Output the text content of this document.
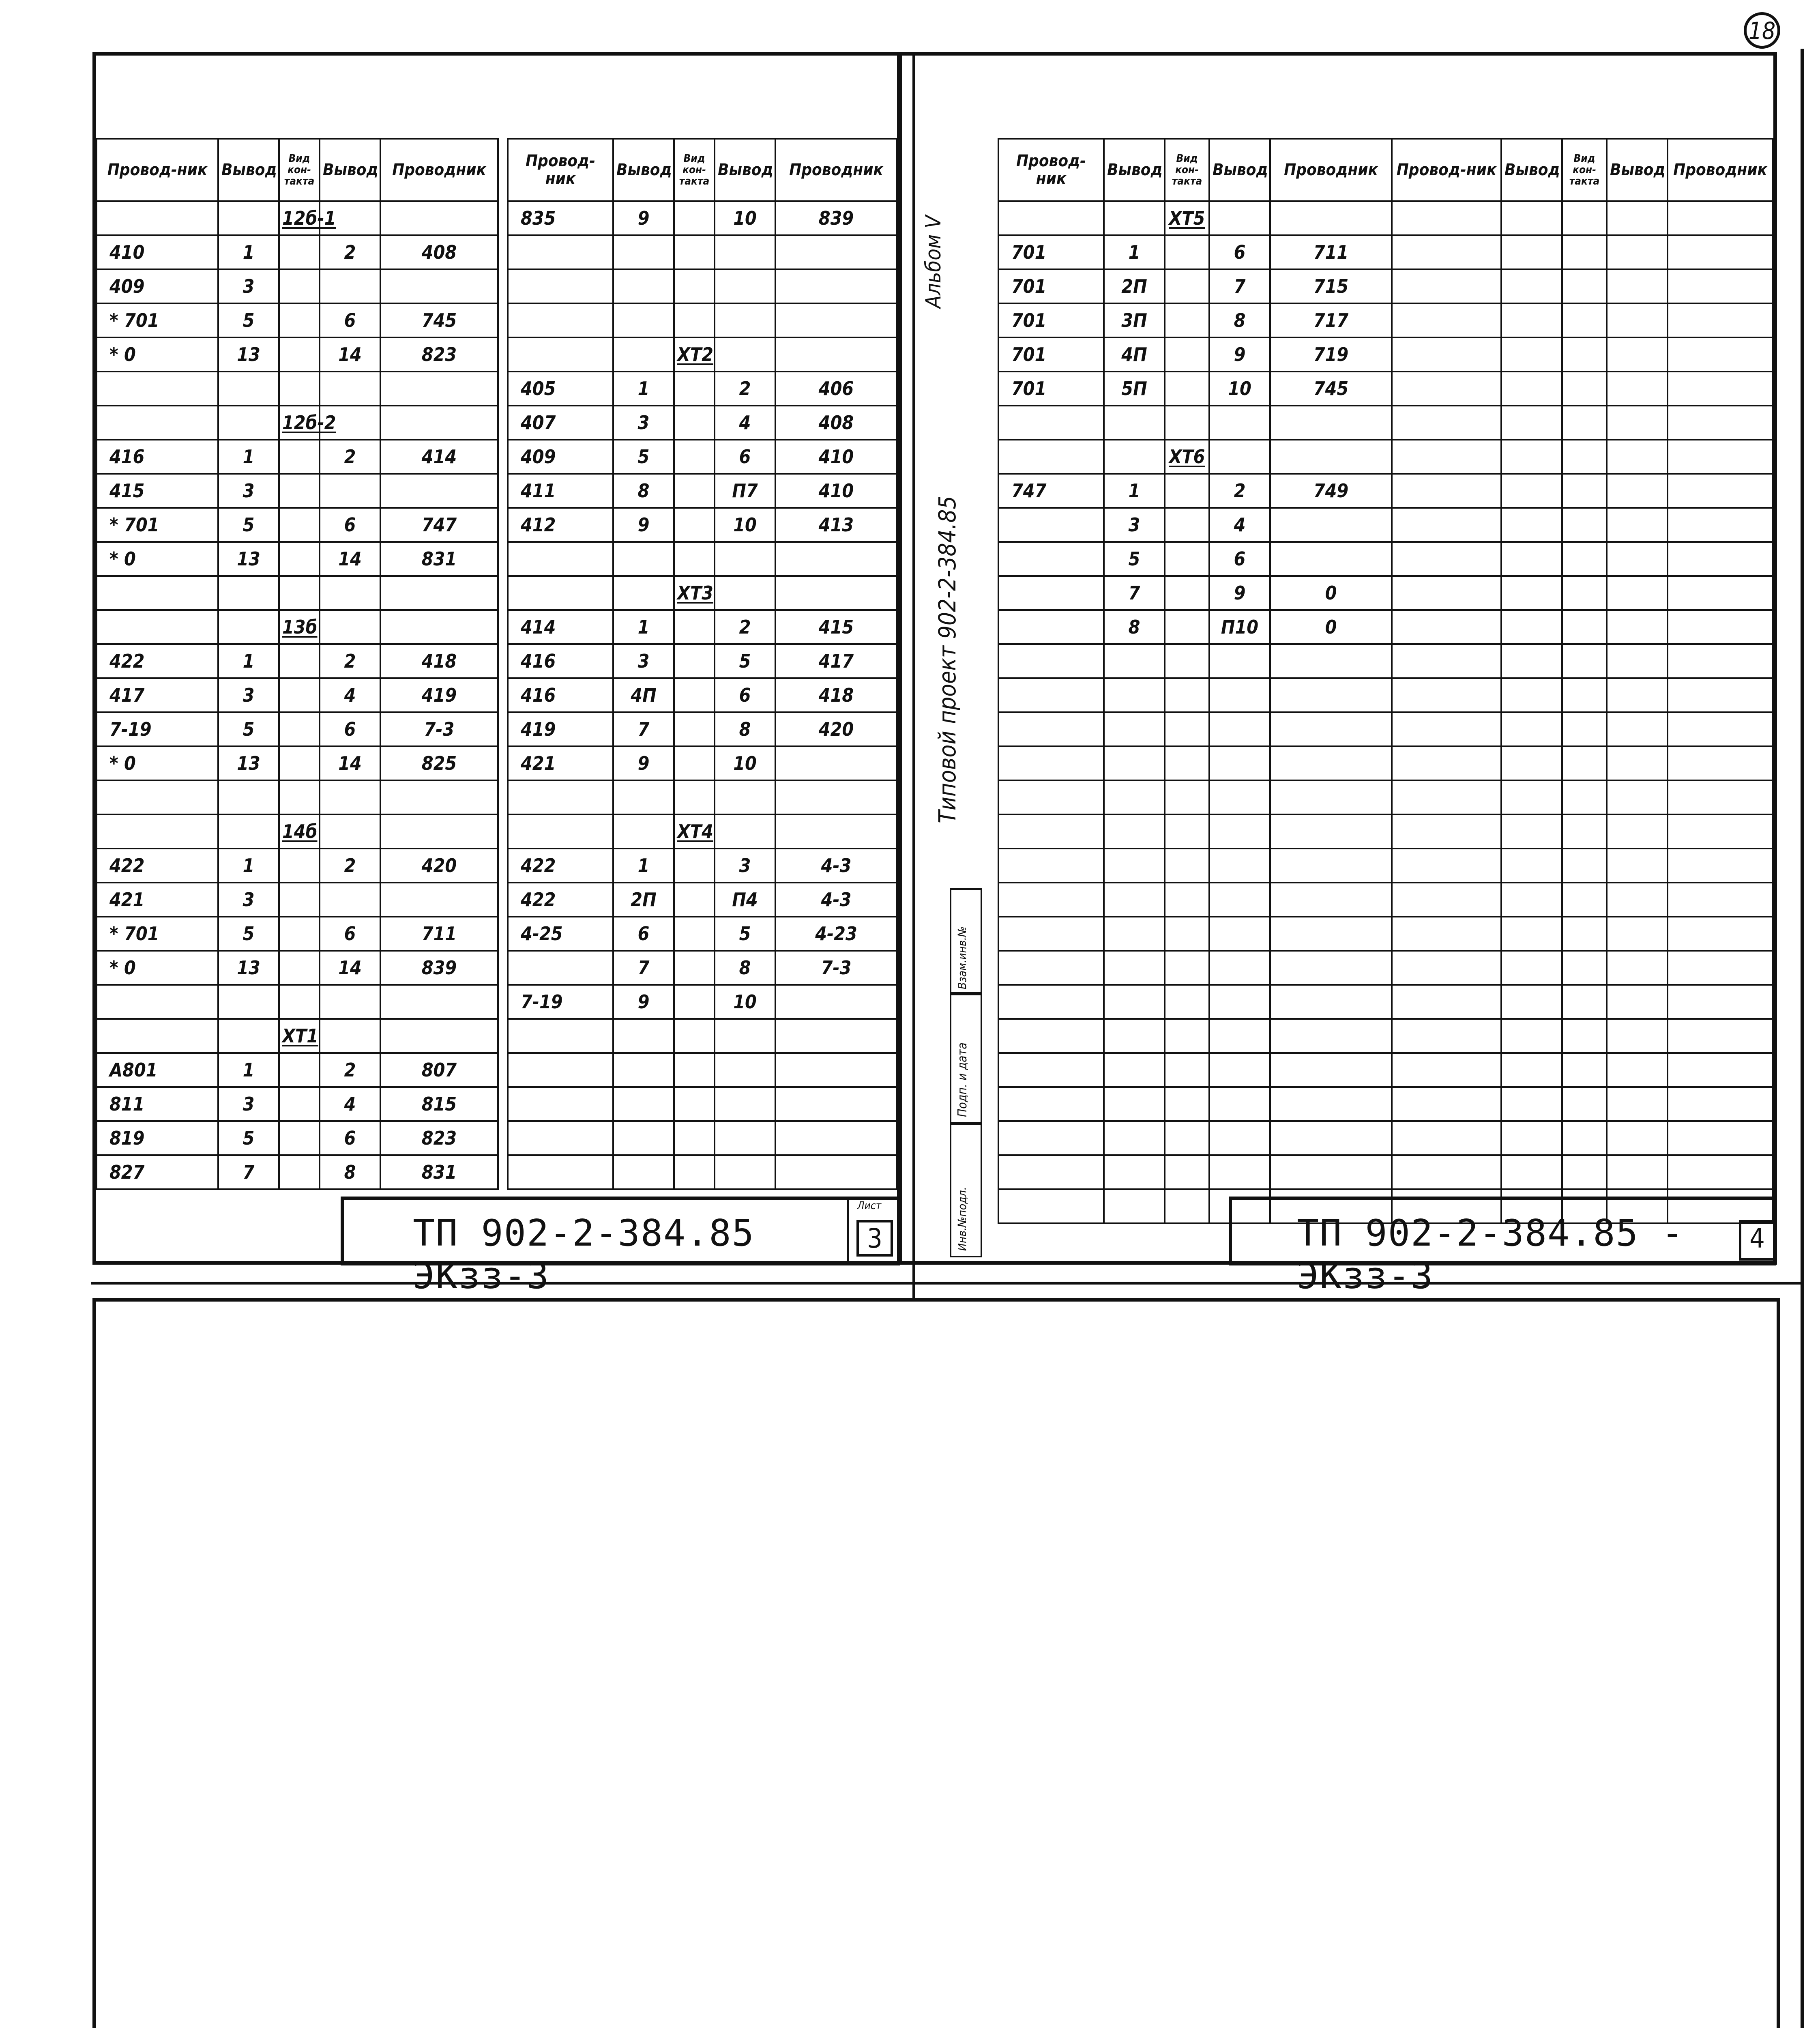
18
Провод-ник	Вывод	Вид кон-такта	Вывод	Проводник
		12б-1		
410	1		2	408
409	3			
* 701	5		6	745
* 0	13		14	823

		12б-2		
416	1		2	414
415	3			
* 701	5		6	747
* 0	13		14	831

		13б		
422	1		2	418
417	3		4	419
7-19	5		6	7-3
* 0	13		14	825

		14б		
422	1		2	420
421	3			
* 701	5		6	711
* 0	13		14	839

		XT1		
A801	1		2	807
811	3		4	815
819	5		6	823
827	7		8	831
Провод-ник	Вывод	Вид кон-такта	Вывод	Проводник
835	9		10	839

		XT2		
405	1		2	406
407	3		4	408
409	5		6	410
411	8		П7	410
412	9		10	413

		XT3		
414	1		2	415
416	3		5	417
416	4П		6	418
419	7		8	420
421	9		10	

		XT4		
422	1		3	4-3
422	2П		П4	4-3
4-25	6		5	4-23
	7		8	7-3
7-19	9		10	

ТП 902-2-384.85 ЭКзз-3
Лист
3
Альбом V
Типовой проект 902-2-384.85
Взам.инв.№
Подп. и дата
Инв.№подл.
Провод-ник	Вывод	Вид кон-такта	Вывод	Проводник
		XT5		
701	1		6	711
701	2П		7	715
701	3П		8	717
701	4П		9	719
701	5П		10	745

		XT6		
747	1		2	749
	3		4	
	5		6	
	7		9	0
	8		П10	0

Провод-ник	Вывод	Вид кон-такта	Вывод	Проводник

ТП 902-2-384.85 - ЭКзз-3
4
